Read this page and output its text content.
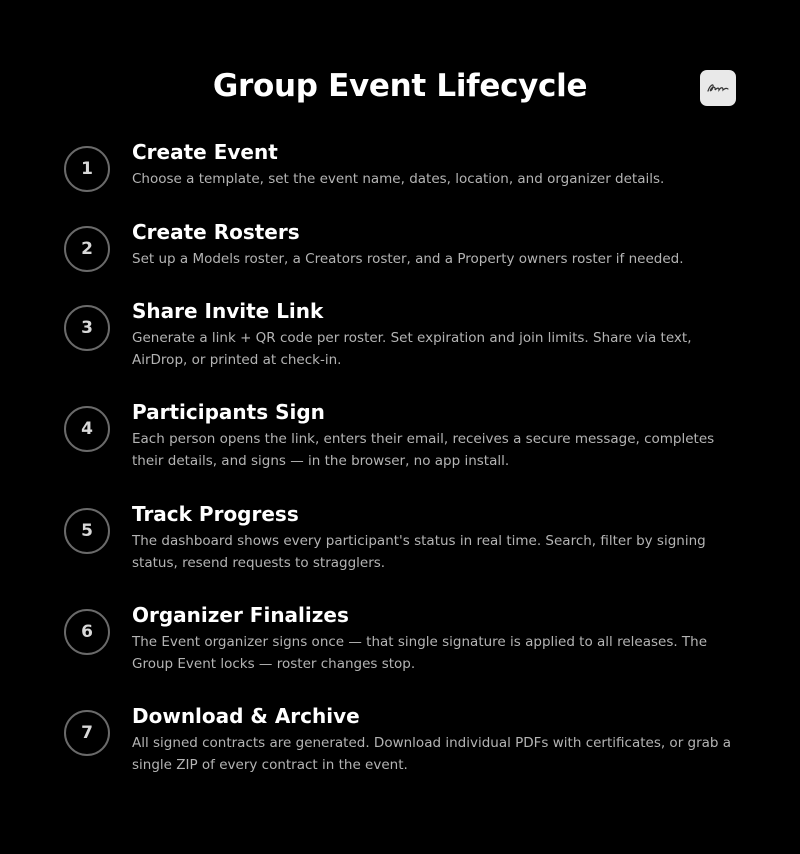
Group Event Lifecycle
1
Create Event
Choose a template, set the event name, dates, location, and organizer details.
2
Create Rosters
Set up a Models roster, a Creators roster, and a Property owners roster if needed.
3
Share Invite Link
Generate a link + QR code per roster. Set expiration and join limits. Share via text, AirDrop, or printed at check-in.
4
Participants Sign
Each person opens the link, enters their email, receives a secure message, completes their details, and signs — in the browser, no app install.
5
Track Progress
The dashboard shows every participant's status in real time. Search, filter by signing status, resend requests to stragglers.
6
Organizer Finalizes
The Event organizer signs once — that single signature is applied to all releases. The Group Event locks — roster changes stop.
7
Download & Archive
All signed contracts are generated. Download individual PDFs with certificates, or grab a single ZIP of every contract in the event.
